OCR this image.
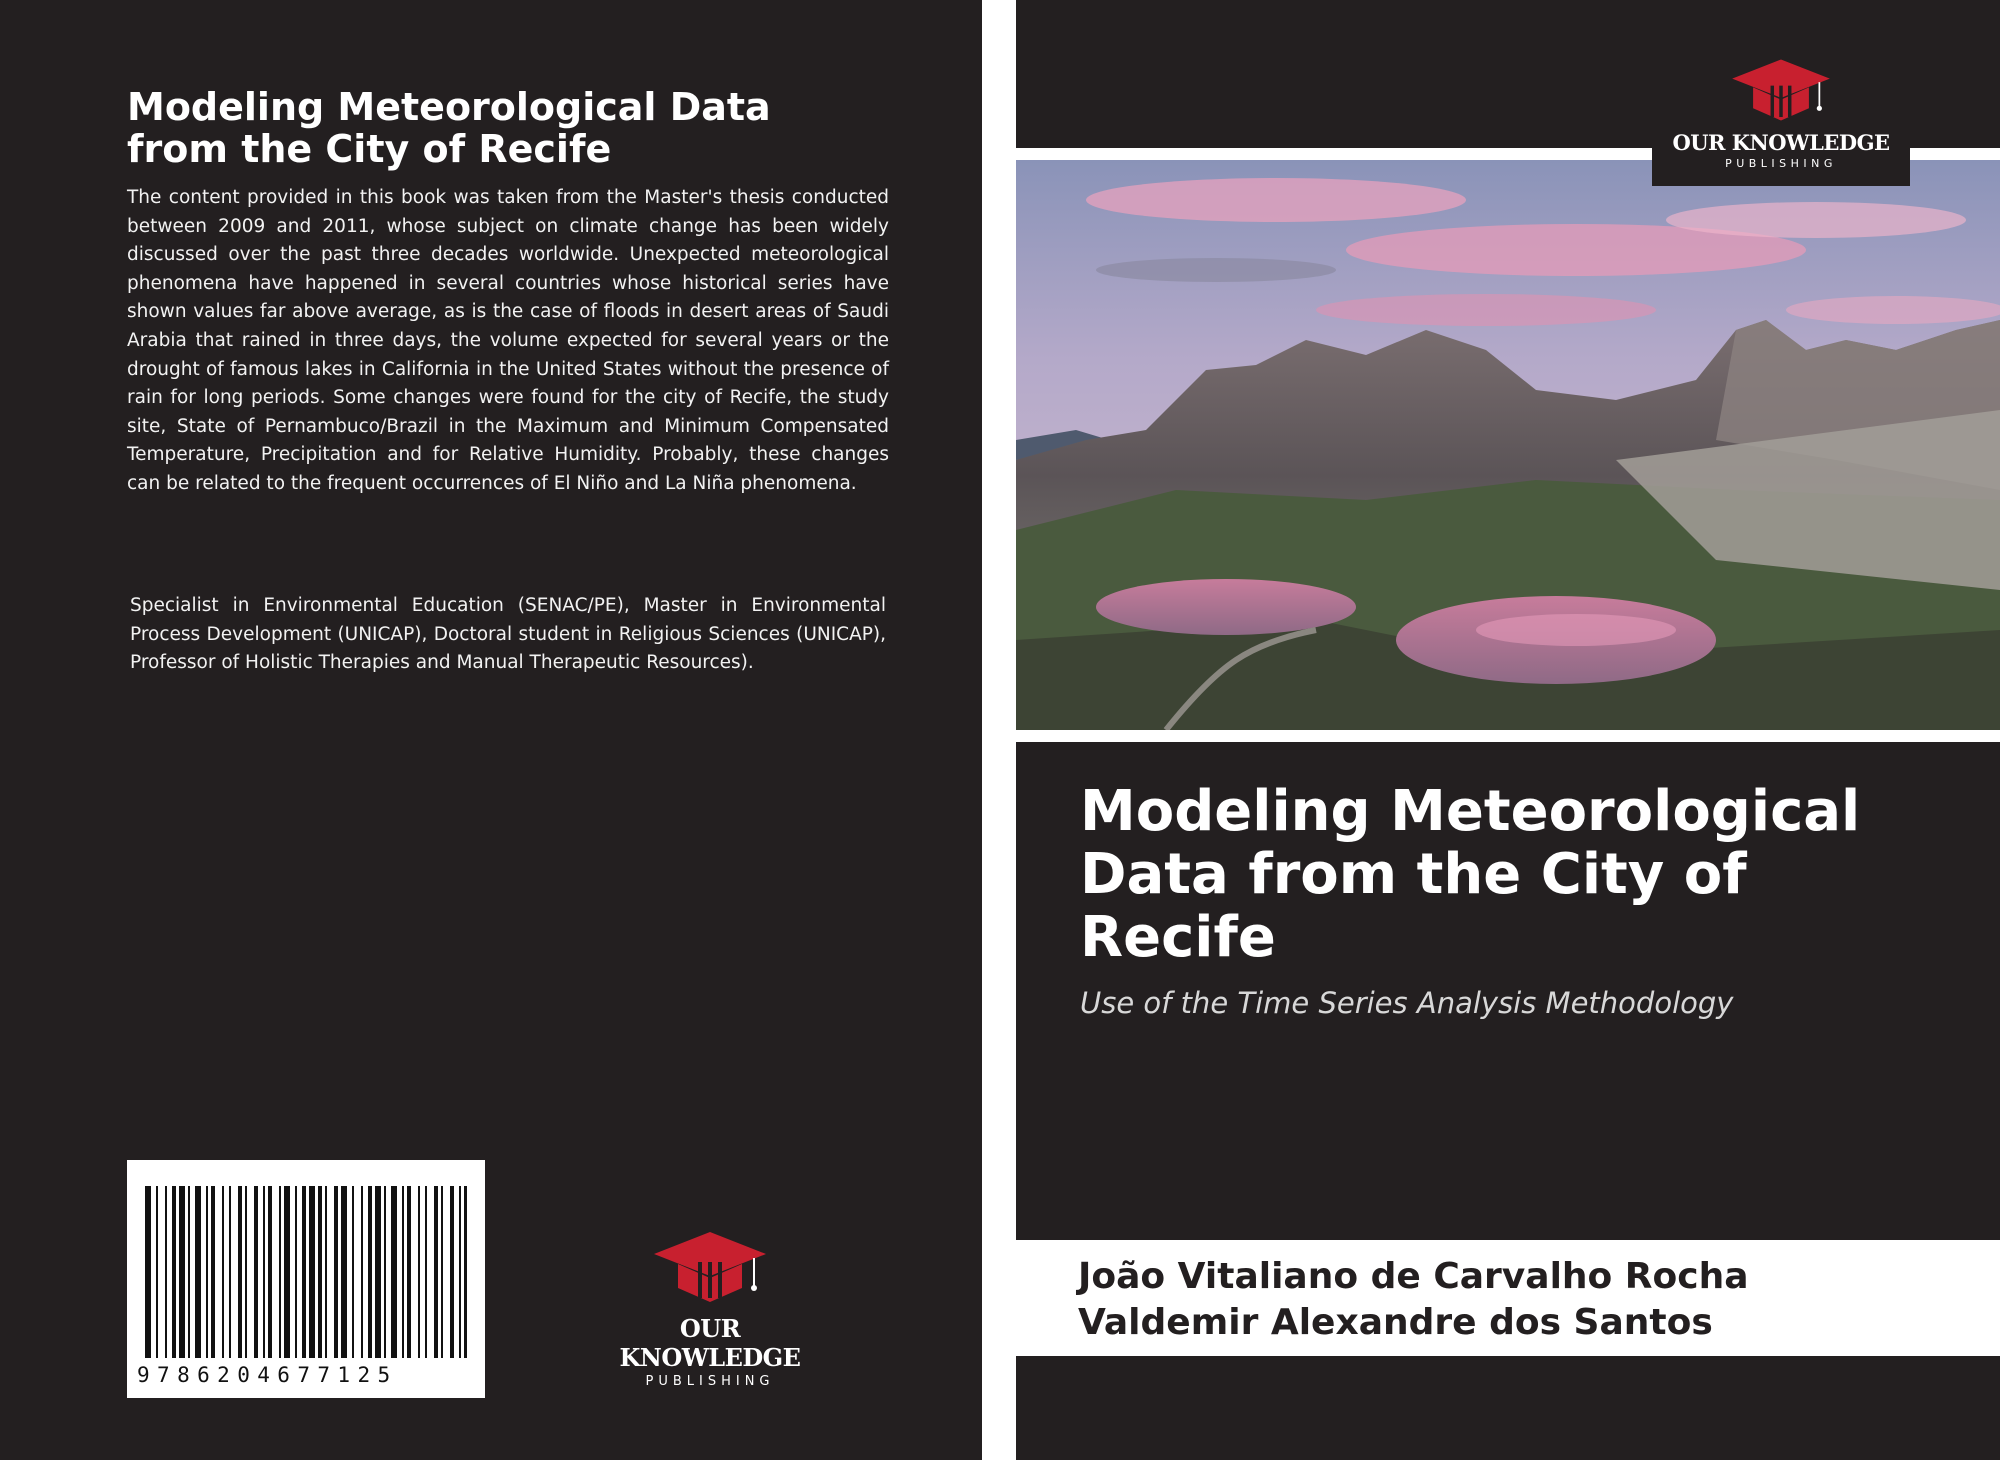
Modeling Meteorological Data
from the City of Recife
The content provided in this book was taken from the Master's thesis conducted between 2009 and 2011, whose subject on climate change has been widely discussed over the past three decades worldwide. Unexpected meteorological phenomena have happened in several countries whose historical series have shown values far above average, as is the case of floods in desert areas of Saudi Arabia that rained in three days, the volume expected for several years or the drought of famous lakes in California in the United States without the presence of rain for long periods. Some changes were found for the city of Recife, the study site, State of Pernambuco/Brazil in the Maximum and Minimum Compensated Temperature, Precipitation and for Relative Humidity. Probably, these changes can be related to the frequent occurrences of El Niño and La Niña phenomena.
Specialist in Environmental Education (SENAC/PE), Master in Environmental Process Development (UNICAP), Doctoral student in Religious Sciences (UNICAP), Professor of Holistic Therapies and Manual Therapeutic Resources).
9786204677125
OUR KNOWLEDGE
PUBLISHING
OUR KNOWLEDGE
PUBLISHING
Modeling Meteorological
Data from the City of
Recife
Use of the Time Series Analysis Methodology
João Vitaliano de Carvalho Rocha
Valdemir Alexandre dos Santos
